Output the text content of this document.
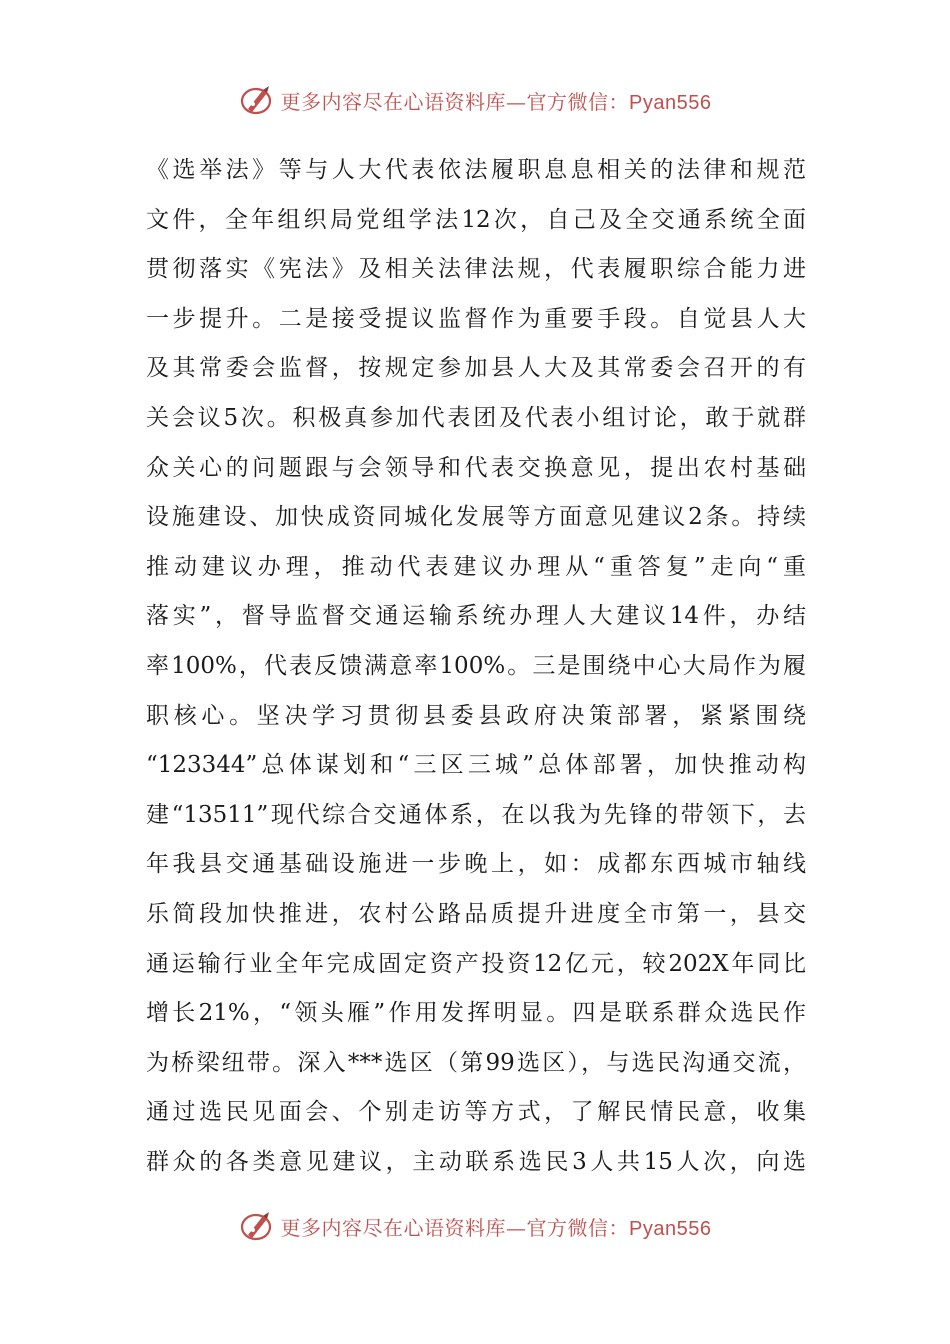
更多内容尽在心语资料库—官方微信：Pyan556
《选举法》等与人大代表依法履职息息相关的法律和规范
文件，全年组织局党组学法12次，自己及全交通系统全面
贯彻落实《宪法》及相关法律法规，代表履职综合能力进
一步提升。二是接受提议监督作为重要手段。自觉县人大
及其常委会监督，按规定参加县人大及其常委会召开的有
关会议5次。积极真参加代表团及代表小组讨论，敢于就群
众关心的问题跟与会领导和代表交换意见，提出农村基础
设施建设、加快成资同城化发展等方面意见建议2条。持续
推动建议办理，推动代表建议办理从“重答复”走向“重
落实”，督导监督交通运输系统办理人大建议14件，办结
率100%，代表反馈满意率100%。三是围绕中心大局作为履
职核心。坚决学习贯彻县委县政府决策部署，紧紧围绕
“123344”总体谋划和“三区三城”总体部署，加快推动构
建“13511”现代综合交通体系，在以我为先锋的带领下，去
年我县交通基础设施进一步晚上，如：成都东西城市轴线
乐简段加快推进，农村公路品质提升进度全市第一，县交
通运输行业全年完成固定资产投资12亿元，较202X年同比
增长21%，“领头雁”作用发挥明显。四是联系群众选民作
为桥梁纽带。深入***选区（第99选区），与选民沟通交流，
通过选民见面会、个别走访等方式，了解民情民意，收集
群众的各类意见建议，主动联系选民3人共15人次，向选
更多内容尽在心语资料库—官方微信：Pyan556
